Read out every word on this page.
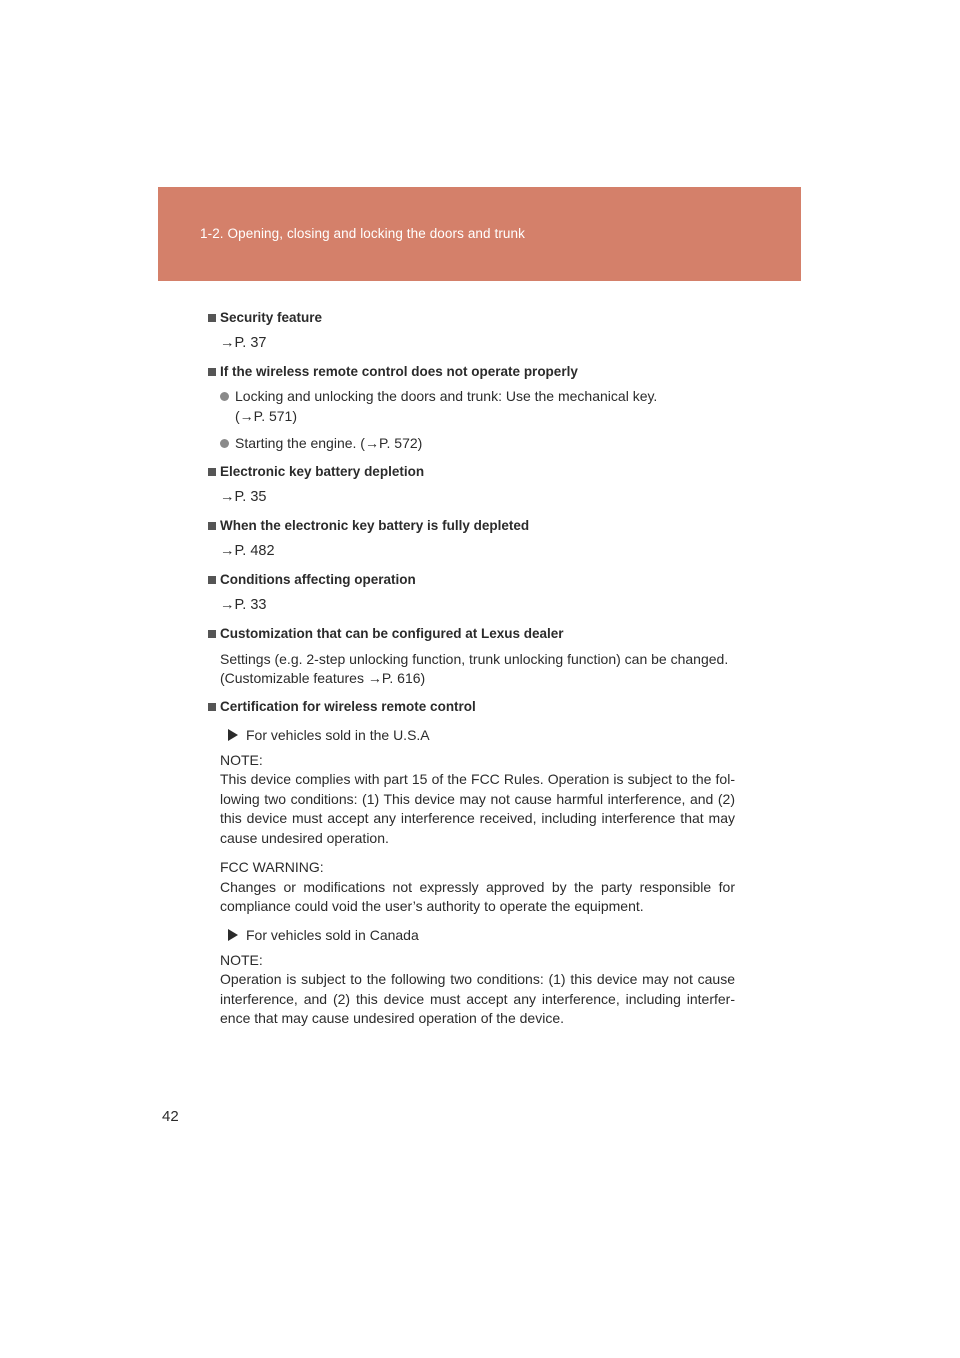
1-2. Opening, closing and locking the doors and trunk

Security feature

→P. 37

If the wireless remote control does not operate properly

Locking and unlocking the doors and trunk: Use the mechanical key.
(→P. 571)
Starting the engine. (→P. 572)

Electronic key battery depletion

→P. 35

When the electronic key battery is fully depleted

→P. 482

Conditions affecting operation

→P. 33

Customization that can be configured at Lexus dealer

Settings (e.g. 2-step unlocking function, trunk unlocking function) can be changed.

(Customizable features →P. 616)

Certification for wireless remote control

For vehicles sold in the U.S.A

NOTE:

This device complies with part 15 of the FCC Rules. Operation is subject to the fol-lowing two conditions: (1) This device may not cause harmful interference, and (2) this device must accept any interference received, including interference that may cause undesired operation.

FCC WARNING:

Changes or modifications not expressly approved by the party responsible for compliance could void the user’s authority to operate the equipment.

For vehicles sold in Canada

NOTE:

Operation is subject to the following two conditions: (1) this device may not cause interference, and (2) this device must accept any interference, including interfer-ence that may cause undesired operation of the device.

42
